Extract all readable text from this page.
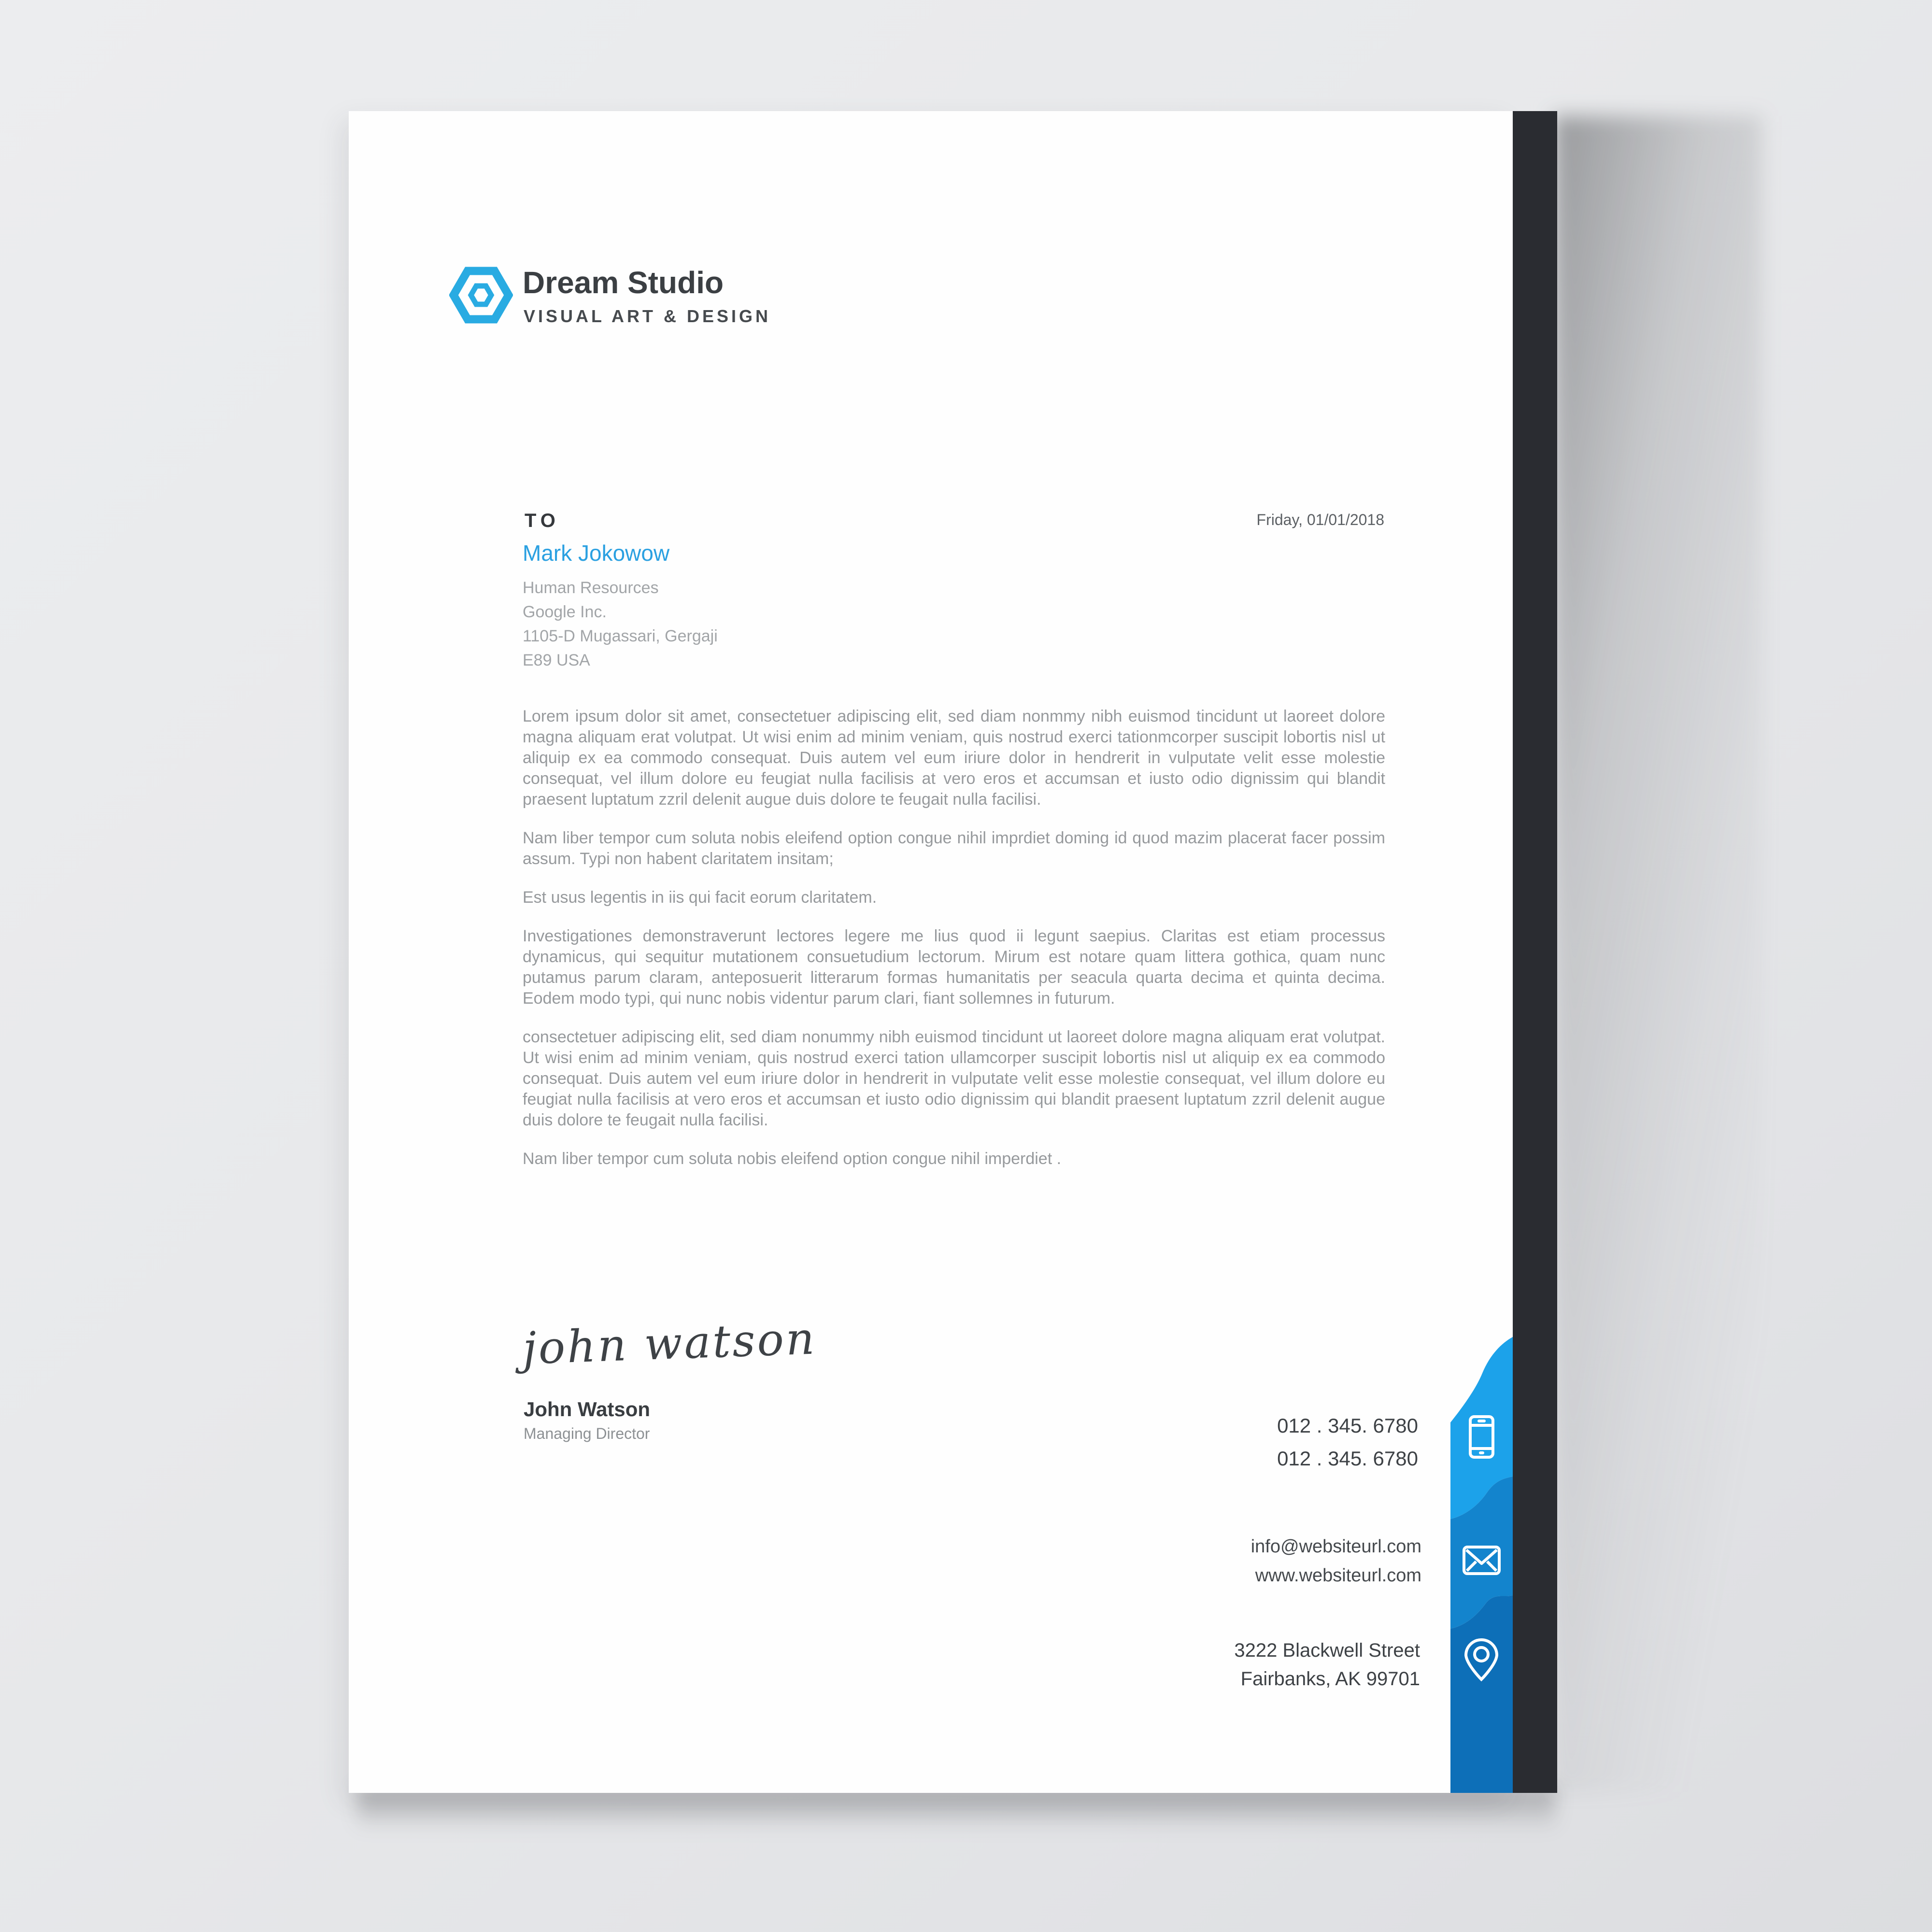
Dream Studio
VISUAL ART & DESIGN
TO
Mark Jokowow
Human Resources
Google Inc.
1105-D Mugassari, Gergaji
E89 USA
Friday, 01/01/2018

Lorem ipsum dolor sit amet, consectetuer adipiscing elit, sed diam nonmmy nibh euismod tincidunt ut laoreet dolore magna aliquam erat volutpat. Ut wisi enim ad minim veniam, quis nostrud exerci tationmcorper suscipit lobortis nisl ut aliquip ex ea commodo consequat. Duis autem vel eum iriure dolor in hendrerit in vulputate velit esse molestie consequat, vel illum dolore eu feugiat nulla facilisis at vero eros et accumsan et iusto odio dignissim qui blandit praesent luptatum zzril delenit augue duis dolore te feugait nulla facilisi.

Nam liber tempor cum soluta nobis eleifend option congue nihil imprdiet doming id quod mazim placerat facer possim assum. Typi non habent claritatem insitam;

Est usus legentis in iis qui facit eorum claritatem.

Investigationes demonstraverunt lectores legere me lius quod ii legunt saepius. Claritas est etiam processus dynamicus, qui sequitur mutationem consuetudium lectorum. Mirum est notare quam littera gothica, quam nunc putamus parum claram, anteposuerit litterarum formas humanitatis per seacula quarta decima et quinta decima. Eodem modo typi, qui nunc nobis videntur parum clari, fiant sollemnes in futurum.

consectetuer adipiscing elit, sed diam nonummy nibh euismod tincidunt ut laoreet dolore magna aliquam erat volutpat. Ut wisi enim ad minim veniam, quis nostrud exerci tation ullamcorper suscipit lobortis nisl ut aliquip ex ea commodo consequat. Duis autem vel eum iriure dolor in hendrerit in vulputate velit esse molestie consequat, vel illum dolore eu feugiat nulla facilisis at vero eros et accumsan et iusto odio dignissim qui blandit praesent luptatum zzril delenit augue duis dolore te feugait nulla facilisi.

Nam liber tempor cum soluta nobis eleifend option congue nihil imperdiet .

john watson
John Watson
Managing Director	012 . 345. 6780
012 . 345. 6780
info@websiteurl.com
www.websiteurl.com
3222 Blackwell Street
Fairbanks, AK 99701
